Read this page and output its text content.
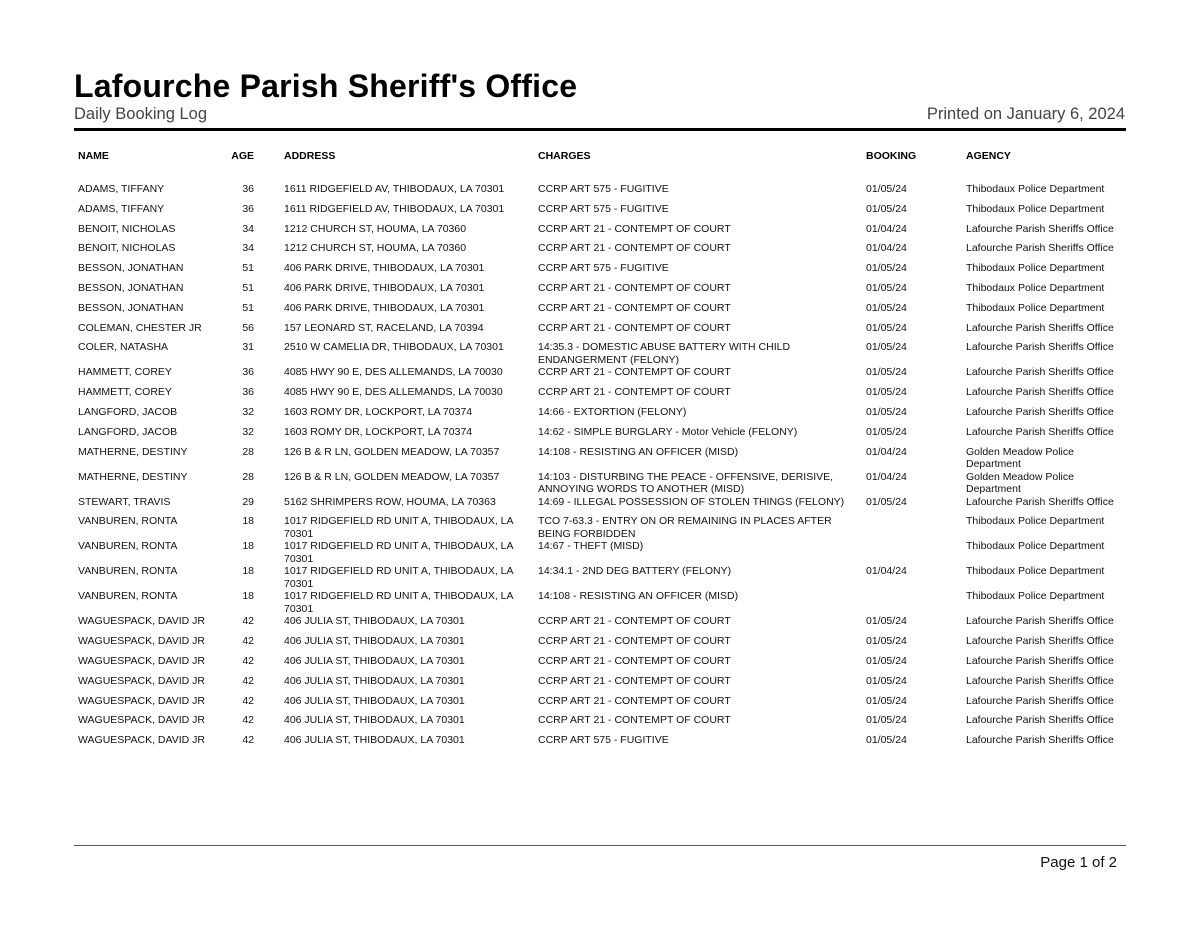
Lafourche Parish Sheriff's Office
Daily Booking Log	Printed on January 6, 2024
NAME	AGE	ADDRESS	CHARGES	BOOKING	AGENCY

ADAMS, TIFFANY	36	1611 RIDGEFIELD AV, THIBODAUX, LA 70301	CCRP ART 575 - FUGITIVE	01/05/24	Thibodaux Police Department
ADAMS, TIFFANY	36	1611 RIDGEFIELD AV, THIBODAUX, LA 70301	CCRP ART 575 - FUGITIVE	01/05/24	Thibodaux Police Department
BENOIT, NICHOLAS	34	1212 CHURCH ST, HOUMA, LA 70360	CCRP ART 21 - CONTEMPT OF COURT	01/04/24	Lafourche Parish Sheriffs Office
BENOIT, NICHOLAS	34	1212 CHURCH ST, HOUMA, LA 70360	CCRP ART 21 - CONTEMPT OF COURT	01/04/24	Lafourche Parish Sheriffs Office
BESSON, JONATHAN	51	406 PARK DRIVE, THIBODAUX, LA 70301	CCRP ART 575 - FUGITIVE	01/05/24	Thibodaux Police Department
BESSON, JONATHAN	51	406 PARK DRIVE, THIBODAUX, LA 70301	CCRP ART 21 - CONTEMPT OF COURT	01/05/24	Thibodaux Police Department
BESSON, JONATHAN	51	406 PARK DRIVE, THIBODAUX, LA 70301	CCRP ART 21 - CONTEMPT OF COURT	01/05/24	Thibodaux Police Department
COLEMAN, CHESTER JR	56	157 LEONARD ST, RACELAND, LA 70394	CCRP ART 21 - CONTEMPT OF COURT	01/05/24	Lafourche Parish Sheriffs Office
COLER, NATASHA	31	2510 W CAMELIA DR, THIBODAUX, LA 70301	14:35.3 - DOMESTIC ABUSE BATTERY WITH CHILD ENDANGERMENT (FELONY)	01/05/24	Lafourche Parish Sheriffs Office
HAMMETT, COREY	36	4085 HWY 90 E, DES ALLEMANDS, LA 70030	CCRP ART 21 - CONTEMPT OF COURT	01/05/24	Lafourche Parish Sheriffs Office
HAMMETT, COREY	36	4085 HWY 90 E, DES ALLEMANDS, LA 70030	CCRP ART 21 - CONTEMPT OF COURT	01/05/24	Lafourche Parish Sheriffs Office
LANGFORD, JACOB	32	1603 ROMY DR, LOCKPORT, LA 70374	14:66 - EXTORTION (FELONY)	01/05/24	Lafourche Parish Sheriffs Office
LANGFORD, JACOB	32	1603 ROMY DR, LOCKPORT, LA 70374	14:62 - SIMPLE BURGLARY - Motor Vehicle (FELONY)	01/05/24	Lafourche Parish Sheriffs Office
MATHERNE, DESTINY	28	126 B & R LN, GOLDEN MEADOW, LA 70357	14:108 - RESISTING AN OFFICER (MISD)	01/04/24	Golden Meadow Police Department
MATHERNE, DESTINY	28	126 B & R LN, GOLDEN MEADOW, LA 70357	14:103 - DISTURBING THE PEACE - OFFENSIVE, DERISIVE, ANNOYING WORDS TO ANOTHER (MISD)	01/04/24	Golden Meadow Police Department
STEWART, TRAVIS	29	5162 SHRIMPERS ROW, HOUMA, LA 70363	14:69 - ILLEGAL POSSESSION OF STOLEN THINGS (FELONY)	01/05/24	Lafourche Parish Sheriffs Office
VANBUREN, RONTA	18	1017 RIDGEFIELD RD UNIT A, THIBODAUX, LA 70301	TCO 7-63.3 - ENTRY ON OR REMAINING IN PLACES AFTER BEING FORBIDDEN		Thibodaux Police Department
VANBUREN, RONTA	18	1017 RIDGEFIELD RD UNIT A, THIBODAUX, LA 70301	14:67 - THEFT (MISD)		Thibodaux Police Department
VANBUREN, RONTA	18	1017 RIDGEFIELD RD UNIT A, THIBODAUX, LA 70301	14:34.1 - 2ND DEG BATTERY (FELONY)	01/04/24	Thibodaux Police Department
VANBUREN, RONTA	18	1017 RIDGEFIELD RD UNIT A, THIBODAUX, LA 70301	14:108 - RESISTING AN OFFICER (MISD)		Thibodaux Police Department
WAGUESPACK, DAVID JR	42	406 JULIA ST, THIBODAUX, LA 70301	CCRP ART 21 - CONTEMPT OF COURT	01/05/24	Lafourche Parish Sheriffs Office
WAGUESPACK, DAVID JR	42	406 JULIA ST, THIBODAUX, LA 70301	CCRP ART 21 - CONTEMPT OF COURT	01/05/24	Lafourche Parish Sheriffs Office
WAGUESPACK, DAVID JR	42	406 JULIA ST, THIBODAUX, LA 70301	CCRP ART 21 - CONTEMPT OF COURT	01/05/24	Lafourche Parish Sheriffs Office
WAGUESPACK, DAVID JR	42	406 JULIA ST, THIBODAUX, LA 70301	CCRP ART 21 - CONTEMPT OF COURT	01/05/24	Lafourche Parish Sheriffs Office
WAGUESPACK, DAVID JR	42	406 JULIA ST, THIBODAUX, LA 70301	CCRP ART 21 - CONTEMPT OF COURT	01/05/24	Lafourche Parish Sheriffs Office
WAGUESPACK, DAVID JR	42	406 JULIA ST, THIBODAUX, LA 70301	CCRP ART 21 - CONTEMPT OF COURT	01/05/24	Lafourche Parish Sheriffs Office
WAGUESPACK, DAVID JR	42	406 JULIA ST, THIBODAUX, LA 70301	CCRP ART 575 - FUGITIVE	01/05/24	Lafourche Parish Sheriffs Office
Page 1 of 2
